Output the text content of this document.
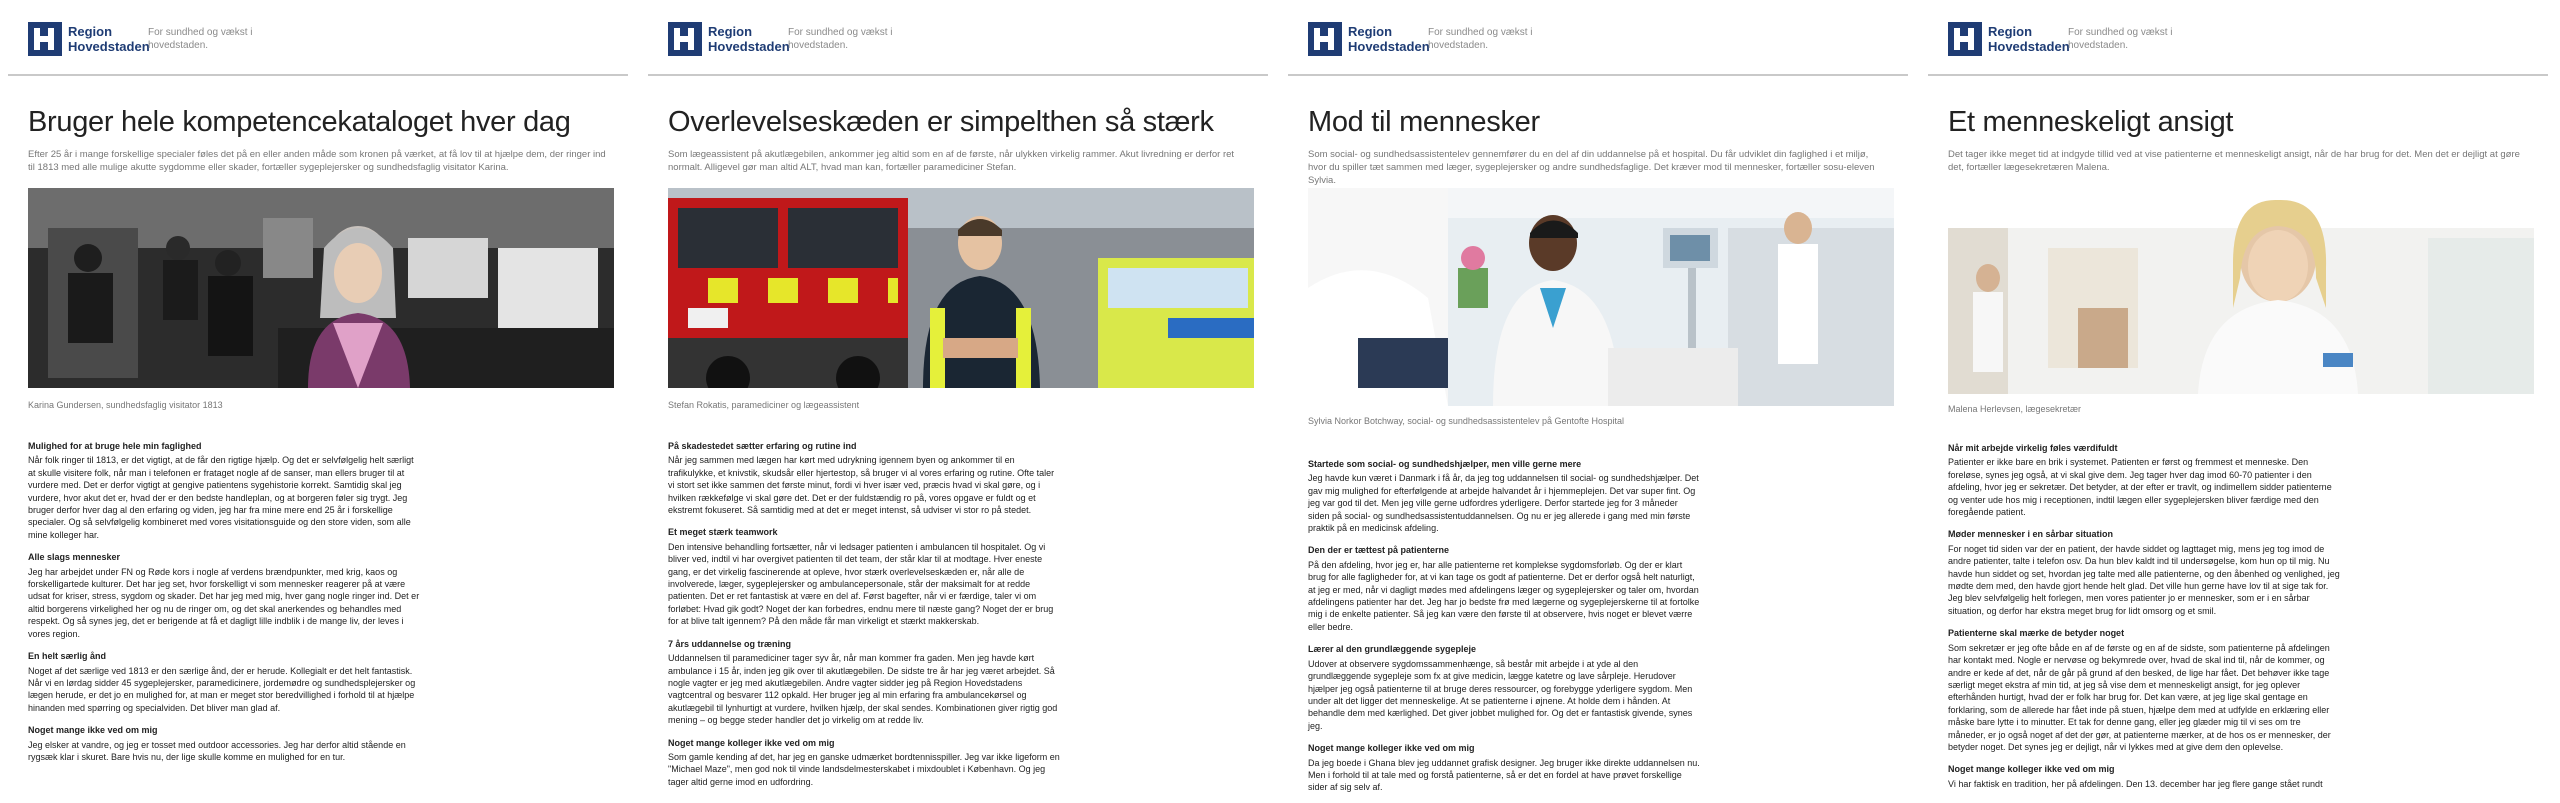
Region
Hovedstaden
For sundhed og vækst i
hovedstaden.
Bruger hele kompetencekataloget hver dag
Efter 25 år i mange forskellige specialer føles det på en eller anden måde som kronen på værket, at få lov til at hjælpe dem, der ringer ind til 1813 med alle mulige akutte sygdomme eller skader, fortæller sygeplejersker og sundhedsfaglig visitator Karina.
Karina Gundersen, sundhedsfaglig visitator 1813
Mulighed for at bruge hele min faglighed

Når folk ringer til 1813, er det vigtigt, at de får den rigtige hjælp. Og det er selvfølgelig helt særligt at skulle visitere folk, når man i telefonen er frataget nogle af de sanser, man ellers bruger til at vurdere med. Det er derfor vigtigt at gengive patientens sygehistorie korrekt. Samtidig skal jeg vurdere, hvor akut det er, hvad der er den bedste handleplan, og at borgeren føler sig trygt. Jeg bruger derfor hver dag al den erfaring og viden, jeg har fra mine mere end 25 år i forskellige specialer. Og så selvfølgelig kombineret med vores visitationsguide og den store viden, som alle mine kolleger har.

Alle slags mennesker

Jeg har arbejdet under FN og Røde kors i nogle af verdens brændpunkter, med krig, kaos og forskelligartede kulturer. Det har jeg set, hvor forskelligt vi som mennesker reagerer på at være udsat for kriser, stress, sygdom og skader. Det har jeg med mig, hver gang nogle ringer ind. Det er altid borgerens virkelighed her og nu de ringer om, og det skal anerkendes og behandles med respekt. Og så synes jeg, det er berigende at få et dagligt lille indblik i de mange liv, der leves i vores region.

En helt særlig ånd

Noget af det særlige ved 1813 er den særlige ånd, der er herude. Kollegialt er det helt fantastisk. Når vi en lørdag sidder 45 sygeplejersker, paramedicinere, jordemødre og sundhedsplejersker og lægen herude, er det jo en mulighed for, at man er meget stor beredvillighed i forhold til at hjælpe hinanden med spørring og specialviden. Det bliver man glad af.

Noget mange ikke ved om mig

Jeg elsker at vandre, og jeg er tosset med outdoor accessories. Jeg har derfor altid stående en rygsæk klar i skuret. Bare hvis nu, der lige skulle komme en mulighed for en tur.

Region
Hovedstaden
For sundhed og vækst i
hovedstaden.
Overlevelseskæden er simpelthen så stærk
Som lægeassistent på akutlægebilen, ankommer jeg altid som en af de første, når ulykken virkelig rammer. Akut livredning er derfor ret normalt. Alligevel gør man altid ALT, hvad man kan, fortæller paramediciner Stefan.
Stefan Rokatis, paramediciner og lægeassistent
På skadestedet sætter erfaring og rutine ind

Når jeg sammen med lægen har kørt med udrykning igennem byen og ankommer til en trafikulykke, et knivstik, skudsår eller hjertestop, så bruger vi al vores erfaring og rutine. Ofte taler vi stort set ikke sammen det første minut, fordi vi hver især ved, præcis hvad vi skal gøre, og i hvilken rækkefølge vi skal gøre det. Det er der fuldstændig ro på, vores opgave er fuldt og et ekstremt fokuseret. Så samtidig med at det er meget intenst, så udviser vi stor ro på stedet.

Et meget stærk teamwork

Den intensive behandling fortsætter, når vi ledsager patienten i ambulancen til hospitalet. Og vi bliver ved, indtil vi har overgivet patienten til det team, der står klar til at modtage. Hver eneste gang, er det virkelig fascinerende at opleve, hvor stærk overlevelseskæden er, når alle de involverede, læger, sygeplejersker og ambulancepersonale, står der maksimalt for at redde patienten. Det er ret fantastisk at være en del af. Først bagefter, når vi er færdige, taler vi om forløbet: Hvad gik godt? Noget der kan forbedres, endnu mere til næste gang? Noget der er brug for at blive talt igennem? På den måde får man virkeligt et stærkt makkerskab.

7 års uddannelse og træning

Uddannelsen til paramediciner tager syv år, når man kommer fra gaden. Men jeg havde kørt ambulance i 15 år, inden jeg gik over til akutlægebilen. De sidste tre år har jeg været arbejdet. Så nogle vagter er jeg med akutlægebilen. Andre vagter sidder jeg på Region Hovedstadens vagtcentral og besvarer 112 opkald. Her bruger jeg al min erfaring fra ambulancekørsel og akutlægebil til lynhurtigt at vurdere, hvilken hjælp, der skal sendes. Kombinationen giver rigtig god mening – og begge steder handler det jo virkelig om at redde liv.

Noget mange kolleger ikke ved om mig

Som gamle kending af det, har jeg en ganske udmærket bordtennisspiller. Jeg var ikke ligeform en "Michael Maze", men god nok til vinde landsdelmesterskabet i mixdoublet i København. Og jeg tager altid gerne imod en udfordring.

Region
Hovedstaden
For sundhed og vækst i
hovedstaden.
Mod til mennesker
Som social- og sundhedsassistentelev gennemfører du en del af din uddannelse på et hospital. Du får udviklet din faglighed i et miljø, hvor du spiller tæt sammen med læger, sygeplejersker og andre sundhedsfaglige. Det kræver mod til mennesker, fortæller sosu-eleven Sylvia.
Sylvia Norkor Botchway, social- og sundhedsassistentelev på Gentofte Hospital
Startede som social- og sundhedshjælper, men ville gerne mere

Jeg havde kun været i Danmark i få år, da jeg tog uddannelsen til social- og sundhedshjælper. Det gav mig mulighed for efterfølgende at arbejde halvandet år i hjemmeplejen. Det var super fint. Og jeg var god til det. Men jeg ville gerne udfordres yderligere. Derfor startede jeg for 3 måneder siden på social- og sundhedsassistentuddannelsen. Og nu er jeg allerede i gang med min første praktik på en medicinsk afdeling.

Den der er tættest på patienterne

På den afdeling, hvor jeg er, har alle patienterne ret komplekse sygdomsforløb. Og der er klart brug for alle fagligheder for, at vi kan tage os godt af patienterne. Det er derfor også helt naturligt, at jeg er med, når vi dagligt mødes med afdelingens læger og sygeplejersker og taler om, hvordan afdelingens patienter har det. Jeg har jo bedste frø med lægerne og sygeplejerskerne til at fortolke mig i de enkelte patienter. Så jeg kan være den første til at observere, hvis noget er blevet værre eller bedre.

Lærer al den grundlæggende sygepleje

Udover at observere sygdomssammenhænge, så består mit arbejde i at yde al den grundlæggende sygepleje som fx at give medicin, lægge katetre og lave sårpleje. Herudover hjælper jeg også patienterne til at bruge deres ressourcer, og forebygge yderligere sygdom. Men under alt det ligger det menneskelige. At se patienterne i øjnene. At holde dem i hånden. At behandle dem med kærlighed. Det giver jobbet mulighed for. Og det er fantastisk givende, synes jeg.

Noget mange kolleger ikke ved om mig

Da jeg boede i Ghana blev jeg uddannet grafisk designer. Jeg bruger ikke direkte uddannelsen nu. Men i forhold til at tale med og forstå patienterne, så er det en fordel at have prøvet forskellige sider af sig selv af.

Region
Hovedstaden
For sundhed og vækst i
hovedstaden.
Et menneskeligt ansigt
Det tager ikke meget tid at indgyde tillid ved at vise patienterne et menneskeligt ansigt, når de har brug for det. Men det er dejligt at gøre det, fortæller lægesekretæren Malena.
Malena Herlevsen, lægesekretær
Når mit arbejde virkelig føles værdifuldt

Patienter er ikke bare en brik i systemet. Patienten er først og fremmest et menneske. Den foreløse, synes jeg også, at vi skal give dem. Jeg tager hver dag imod 60-70 patienter i den afdeling, hvor jeg er sekretær. Det betyder, at der efter er travlt, og indimellem sidder patienterne og venter ude hos mig i receptionen, indtil lægen eller sygeplejersken bliver færdige med den foregående patient.

Møder mennesker i en sårbar situation

For noget tid siden var der en patient, der havde siddet og lagttaget mig, mens jeg tog imod de andre patienter, talte i telefon osv. Da hun blev kaldt ind til undersøgelse, kom hun op til mig. Nu havde hun siddet og set, hvordan jeg talte med alle patienterne, og den åbenhed og venlighed, jeg mødte dem med, den havde gjort hende helt glad. Det ville hun gerne have lov til at sige tak for. Jeg blev selvfølgelig helt forlegen, men vores patienter jo er mennesker, som er i en sårbar situation, og derfor har ekstra meget brug for lidt omsorg og et smil.

Patienterne skal mærke de betyder noget

Som sekretær er jeg ofte både en af de første og en af de sidste, som patienterne på afdelingen har kontakt med. Nogle er nervøse og bekymrede over, hvad de skal ind til, når de kommer, og andre er kede af det, når de går på grund af den besked, de lige har fået. Det behøver ikke tage særligt meget ekstra af min tid, at jeg så vise dem et menneskeligt ansigt, for jeg oplever efterhånden hurtigt, hvad der er folk har brug for. Det kan være, at jeg lige skal gentage en forklaring, som de allerede har fået inde på stuen, hjælpe dem med at udfylde en erklæring eller måske bare lytte i to minutter. Et tak for denne gang, eller jeg glæder mig til vi ses om tre måneder, er jo også noget af det der gør, at patienterne mærker, at de hos os er mennesker, der betyder noget. Det synes jeg er dejligt, når vi lykkes med at give dem den oplevelse.

Noget mange kolleger ikke ved om mig

Vi har faktisk en tradition, her på afdelingen. Den 13. december har jeg flere gange stået rundt
